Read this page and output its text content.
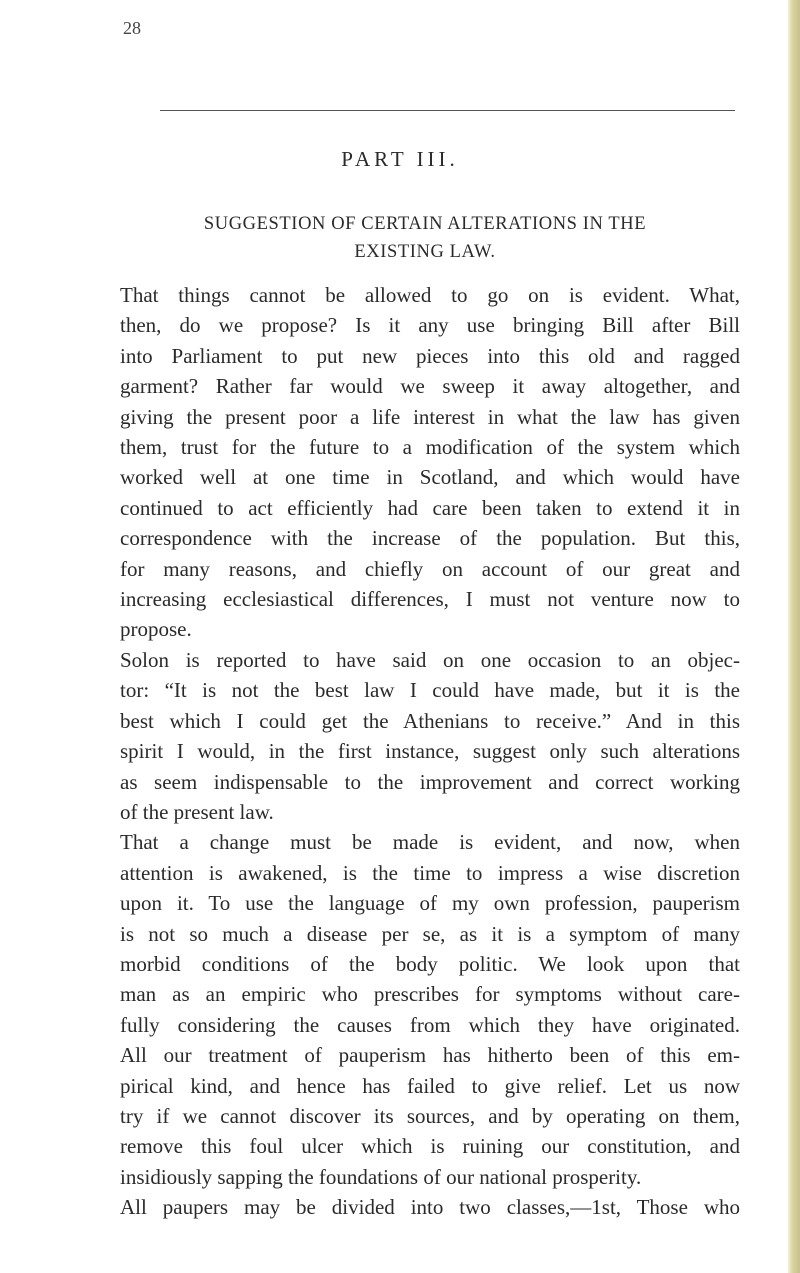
28
PART III.
SUGGESTION OF CERTAIN ALTERATIONS IN THE
EXISTING LAW.
That things cannot be allowed to go on is evident. What,
then, do we propose? Is it any use bringing Bill after Bill
into Parliament to put new pieces into this old and ragged
garment? Rather far would we sweep it away altogether, and
giving the present poor a life interest in what the law has given
them, trust for the future to a modification of the system which
worked well at one time in Scotland, and which would have
continued to act efficiently had care been taken to extend it in
correspondence with the increase of the population. But this,
for many reasons, and chiefly on account of our great and
increasing ecclesiastical differences, I must not venture now to
propose.
Solon is reported to have said on one occasion to an objec-
tor: “It is not the best law I could have made, but it is the
best which I could get the Athenians to receive.” And in this
spirit I would, in the first instance, suggest only such alterations
as seem indispensable to the improvement and correct working
of the present law.
That a change must be made is evident, and now, when
attention is awakened, is the time to impress a wise discretion
upon it. To use the language of my own profession, pauperism
is not so much a disease per se, as it is a symptom of many
morbid conditions of the body politic. We look upon that
man as an empiric who prescribes for symptoms without care-
fully considering the causes from which they have originated.
All our treatment of pauperism has hitherto been of this em-
pirical kind, and hence has failed to give relief. Let us now
try if we cannot discover its sources, and by operating on them,
remove this foul ulcer which is ruining our constitution, and
insidiously sapping the foundations of our national prosperity.
All paupers may be divided into two classes,—1st, Those who
